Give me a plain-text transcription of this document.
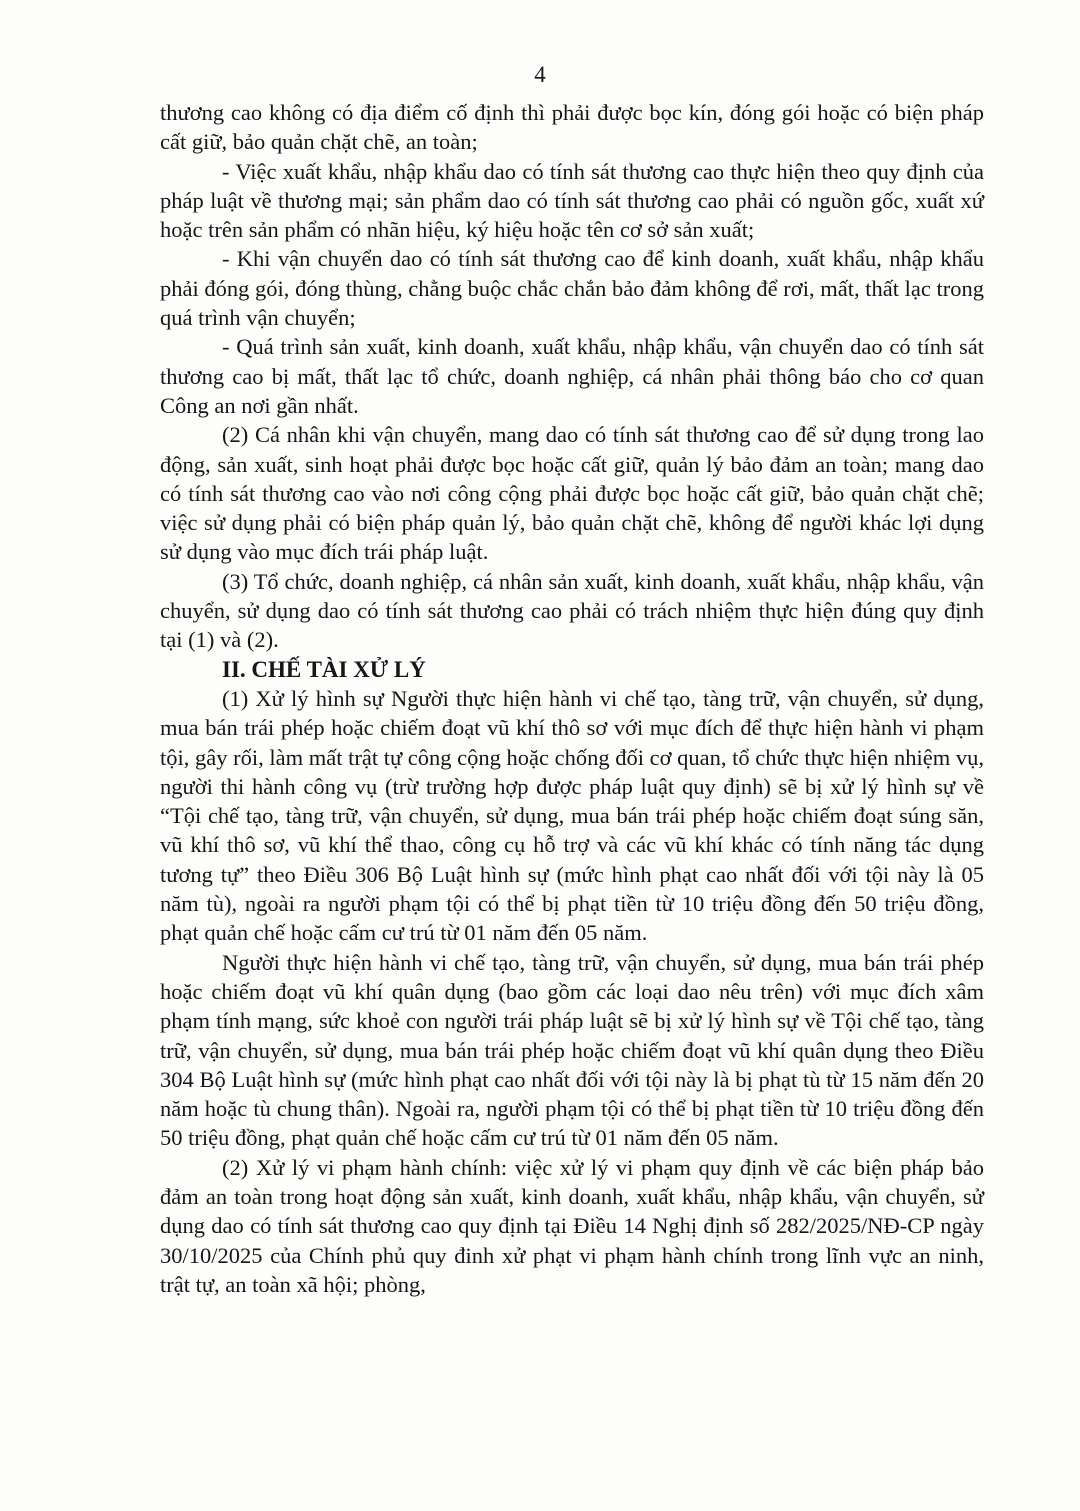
4

thương cao không có địa điểm cố định thì phải được bọc kín, đóng gói hoặc có biện pháp cất giữ, bảo quản chặt chẽ, an toàn;

- Việc xuất khẩu, nhập khẩu dao có tính sát thương cao thực hiện theo quy định của pháp luật về thương mại; sản phẩm dao có tính sát thương cao phải có nguồn gốc, xuất xứ hoặc trên sản phẩm có nhãn hiệu, ký hiệu hoặc tên cơ sở sản xuất;

- Khi vận chuyển dao có tính sát thương cao để kinh doanh, xuất khẩu, nhập khẩu phải đóng gói, đóng thùng, chằng buộc chắc chắn bảo đảm không để rơi, mất, thất lạc trong quá trình vận chuyển;

- Quá trình sản xuất, kinh doanh, xuất khẩu, nhập khẩu, vận chuyển dao có tính sát thương cao bị mất, thất lạc tổ chức, doanh nghiệp, cá nhân phải thông báo cho cơ quan Công an nơi gần nhất.

(2) Cá nhân khi vận chuyển, mang dao có tính sát thương cao để sử dụng trong lao động, sản xuất, sinh hoạt phải được bọc hoặc cất giữ, quản lý bảo đảm an toàn; mang dao có tính sát thương cao vào nơi công cộng phải được bọc hoặc cất giữ, bảo quản chặt chẽ; việc sử dụng phải có biện pháp quản lý, bảo quản chặt chẽ, không để người khác lợi dụng sử dụng vào mục đích trái pháp luật.

(3) Tổ chức, doanh nghiệp, cá nhân sản xuất, kinh doanh, xuất khẩu, nhập khẩu, vận chuyển, sử dụng dao có tính sát thương cao phải có trách nhiệm thực hiện đúng quy định tại (1) và (2).

II. CHẾ TÀI XỬ LÝ

(1) Xử lý hình sự Người thực hiện hành vi chế tạo, tàng trữ, vận chuyển, sử dụng, mua bán trái phép hoặc chiếm đoạt vũ khí thô sơ với mục đích để thực hiện hành vi phạm tội, gây rối, làm mất trật tự công cộng hoặc chống đối cơ quan, tổ chức thực hiện nhiệm vụ, người thi hành công vụ (trừ trường hợp được pháp luật quy định) sẽ bị xử lý hình sự về “Tội chế tạo, tàng trữ, vận chuyển, sử dụng, mua bán trái phép hoặc chiếm đoạt súng săn, vũ khí thô sơ, vũ khí thể thao, công cụ hỗ trợ và các vũ khí khác có tính năng tác dụng tương tự” theo Điều 306 Bộ Luật hình sự (mức hình phạt cao nhất đối với tội này là 05 năm tù), ngoài ra người phạm tội có thể bị phạt tiền từ 10 triệu đồng đến 50 triệu đồng, phạt quản chế hoặc cấm cư trú từ 01 năm đến 05 năm.

Người thực hiện hành vi chế tạo, tàng trữ, vận chuyển, sử dụng, mua bán trái phép hoặc chiếm đoạt vũ khí quân dụng (bao gồm các loại dao nêu trên) với mục đích xâm phạm tính mạng, sức khoẻ con người trái pháp luật sẽ bị xử lý hình sự về Tội chế tạo, tàng trữ, vận chuyển, sử dụng, mua bán trái phép hoặc chiếm đoạt vũ khí quân dụng theo Điều 304 Bộ Luật hình sự (mức hình phạt cao nhất đối với tội này là bị phạt tù từ 15 năm đến 20 năm hoặc tù chung thân). Ngoài ra, người phạm tội có thể bị phạt tiền từ 10 triệu đồng đến 50 triệu đồng, phạt quản chế hoặc cấm cư trú từ 01 năm đến 05 năm.

(2) Xử lý vi phạm hành chính: việc xử lý vi phạm quy định về các biện pháp bảo đảm an toàn trong hoạt động sản xuất, kinh doanh, xuất khẩu, nhập khẩu, vận chuyển, sử dụng dao có tính sát thương cao quy định tại Điều 14 Nghị định số 282/2025/NĐ-CP ngày 30/10/2025 của Chính phủ quy đinh xử phạt vi phạm hành chính trong lĩnh vực an ninh, trật tự, an toàn xã hội; phòng,
